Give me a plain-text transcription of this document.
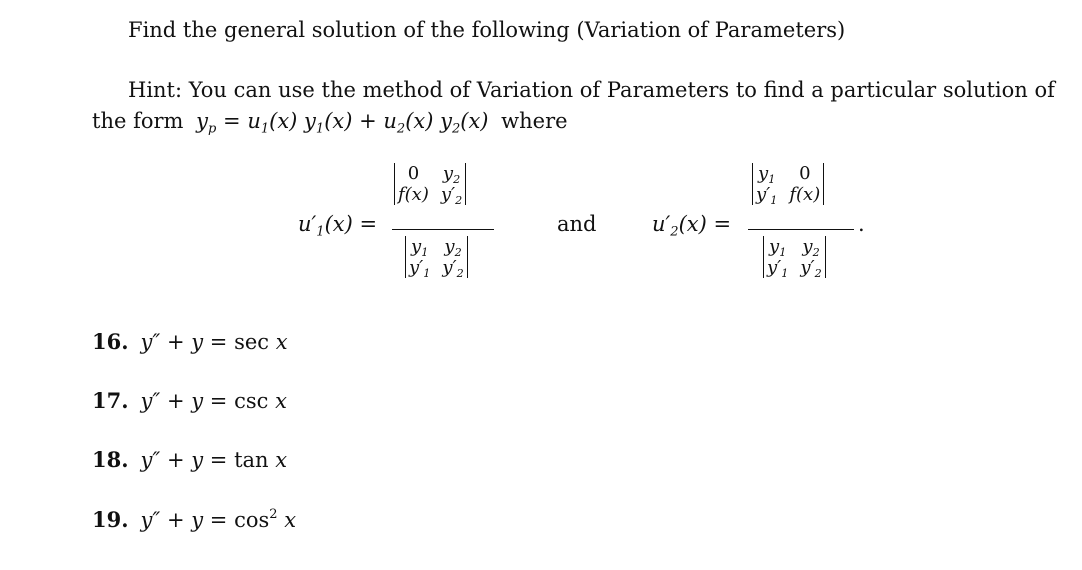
Find the general solution of the following (Variation of Parameters)
Hint: You can use the method of Variation of Parameters to find a particular solution of
the form $y_p = u_1(x) y_1(x) + u_2(x)$ $y_2(x)$ where
$u'_1(x)$ =
0	$y_2$
f(x) $y'_2$
$y_1$ $y_2$
$y'_1$ $y'_2$
and	$u'_2(x)$ =
$y_1$	0
$y'_1$ f(x)
$y_1$ $y_2$
$y'_1$ $y'_2$
.
16. y″ + y = sec x
17. y″ + y = csc x
18. y″ + y = tan x
19. $y'' + y = \cos^2 x$
